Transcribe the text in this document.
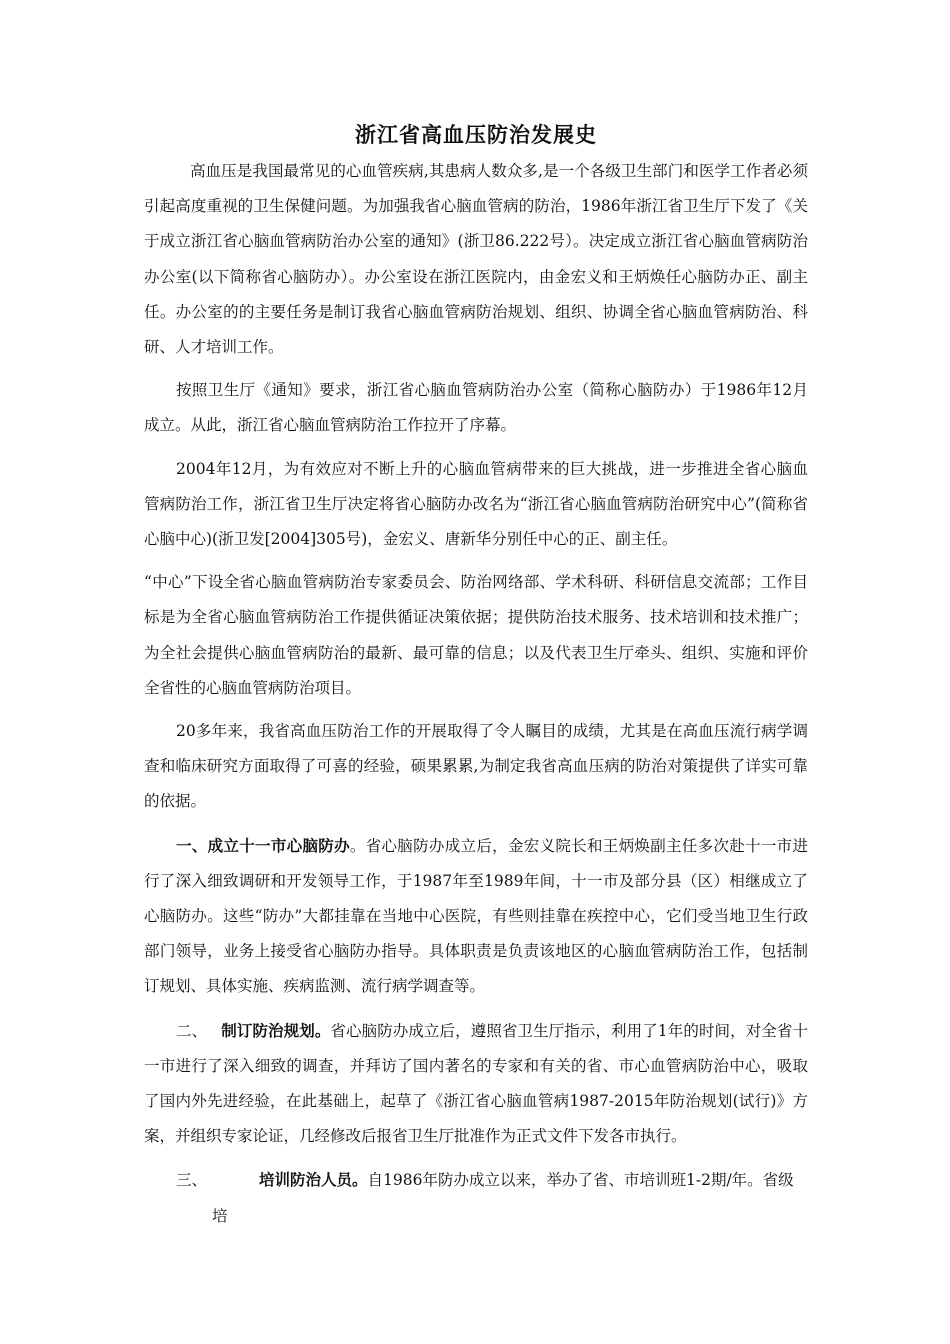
浙江省高血压防治发展史

高血压是我国最常见的心血管疾病,其患病人数众多,是一个各级卫生部门和医学工作者必须引起高度重视的卫生保健问题。为加强我省心脑血管病的防治，1986年浙江省卫生厅下发了《关于成立浙江省心脑血管病防治办公室的通知》(浙卫86.222号）。决定成立浙江省心脑血管病防治办公室(以下简称省心脑防办）。办公室设在浙江医院内，由金宏义和王炳焕任心脑防办正、副主任。办公室的的主要任务是制订我省心脑血管病防治规划、组织、协调全省心脑血管病防治、科研、人才培训工作。

按照卫生厅《通知》要求，浙江省心脑血管病防治办公室（简称心脑防办）于1986年12月成立。从此，浙江省心脑血管病防治工作拉开了序幕。

2004年12月，为有效应对不断上升的心脑血管病带来的巨大挑战，进一步推进全省心脑血管病防治工作，浙江省卫生厅决定将省心脑防办改名为“浙江省心脑血管病防治研究中心”(简称省心脑中心)(浙卫发[2004]305号)，金宏义、唐新华分别任中心的正、副主任。

“中心”下设全省心脑血管病防治专家委员会、防治网络部、学术科研、科研信息交流部；工作目标是为全省心脑血管病防治工作提供循证决策依据；提供防治技术服务、技术培训和技术推广；为全社会提供心脑血管病防治的最新、最可靠的信息；以及代表卫生厅牵头、组织、实施和评价全省性的心脑血管病防治项目。

20多年来，我省高血压防治工作的开展取得了令人瞩目的成绩，尤其是在高血压流行病学调查和临床研究方面取得了可喜的经验，硕果累累,为制定我省高血压病的防治对策提供了详实可靠的依据。

一、成立十一市心脑防办。省心脑防办成立后，金宏义院长和王炳焕副主任多次赴十一市进行了深入细致调研和开发领导工作，于1987年至1989年间，十一市及部分县（区）相继成立了心脑防办。这些“防办”大都挂靠在当地中心医院，有些则挂靠在疾控中心，它们受当地卫生行政部门领导，业务上接受省心脑防办指导。具体职责是负责该地区的心脑血管病防治工作，包括制订规划、具体实施、疾病监测、流行病学调查等。

二、 制订防治规划。省心脑防办成立后，遵照省卫生厅指示，利用了1年的时间，对全省十一市进行了深入细致的调查，并拜访了国内著名的专家和有关的省、市心血管病防治中心，吸取了国内外先进经验，在此基础上，起草了《浙江省心脑血管病1987-2015年防治规划(试行)》方案，并组织专家论证，几经修改后报省卫生厅批准作为正式文件下发各市执行。

三、	培训防治人员。自1986年防办成立以来，举办了省、市培训班1-2期/年。省级

培
